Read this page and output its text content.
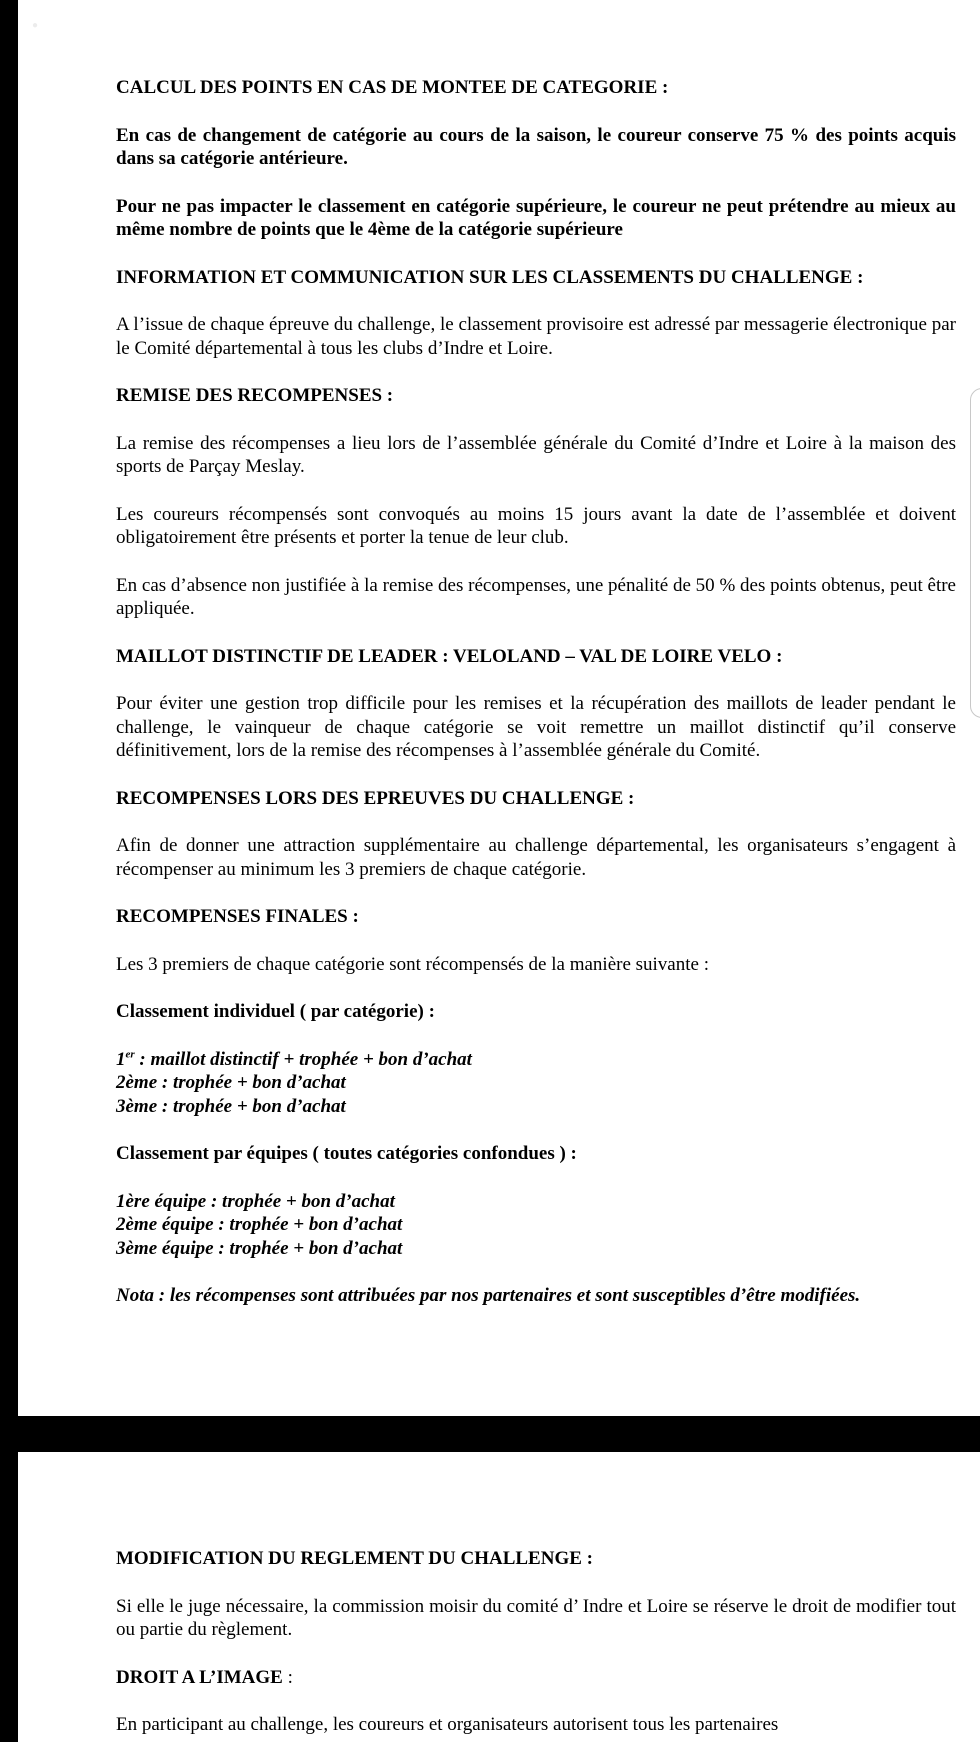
●

CALCUL DES POINTS EN CAS DE MONTEE DE CATEGORIE :

En cas de changement de catégorie au cours de la saison, le coureur conserve 75 % des points acquis dans sa catégorie antérieure.

Pour ne pas impacter le classement en catégorie supérieure, le coureur ne peut prétendre au mieux au même nombre de points que le 4ème de la catégorie supérieure

INFORMATION ET COMMUNICATION SUR LES CLASSEMENTS DU CHALLENGE :

A l’issue de chaque épreuve du challenge, le classement provisoire est adressé par messagerie électronique par le Comité départemental à tous les clubs d’Indre et Loire.

REMISE DES RECOMPENSES :

La remise des récompenses a lieu lors de l’assemblée générale du Comité d’Indre et Loire à la maison des sports de Parçay Meslay.

Les coureurs récompensés sont convoqués au moins 15 jours avant la date de l’assemblée et doivent obligatoirement être présents et porter la tenue de leur club.

En cas d’absence non justifiée à la remise des récompenses, une pénalité de 50 % des points obtenus, peut être appliquée.

MAILLOT DISTINCTIF DE LEADER : VELOLAND – VAL DE LOIRE VELO :

Pour éviter une gestion trop difficile pour les remises et la récupération des maillots de leader pendant le challenge, le vainqueur de chaque catégorie se voit remettre un maillot distinctif qu’il conserve définitivement, lors de la remise des récompenses à l’assemblée générale du Comité.

RECOMPENSES LORS DES EPREUVES DU CHALLENGE :

Afin de donner une attraction supplémentaire au challenge départemental, les organisateurs s’engagent à récompenser au minimum les 3 premiers de chaque catégorie.

RECOMPENSES FINALES :

Les 3 premiers de chaque catégorie sont récompensés de la manière suivante :

Classement individuel ( par catégorie) :

1er : maillot distinctif + trophée + bon d’achat

2ème : trophée + bon d’achat

3ème : trophée + bon d’achat

Classement par équipes ( toutes catégories confondues ) :

1ère équipe : trophée + bon d’achat

2ème équipe : trophée + bon d’achat

3ème équipe : trophée + bon d’achat

Nota : les récompenses sont attribuées par nos partenaires et sont susceptibles d’être modifiées.

MODIFICATION DU REGLEMENT DU CHALLENGE :

Si elle le juge nécessaire, la commission moisir du comité d’ Indre et Loire se réserve le droit de modifier tout ou partie du règlement.

DROIT A L’IMAGE :

En participant au challenge, les coureurs et organisateurs autorisent tous les partenaires
